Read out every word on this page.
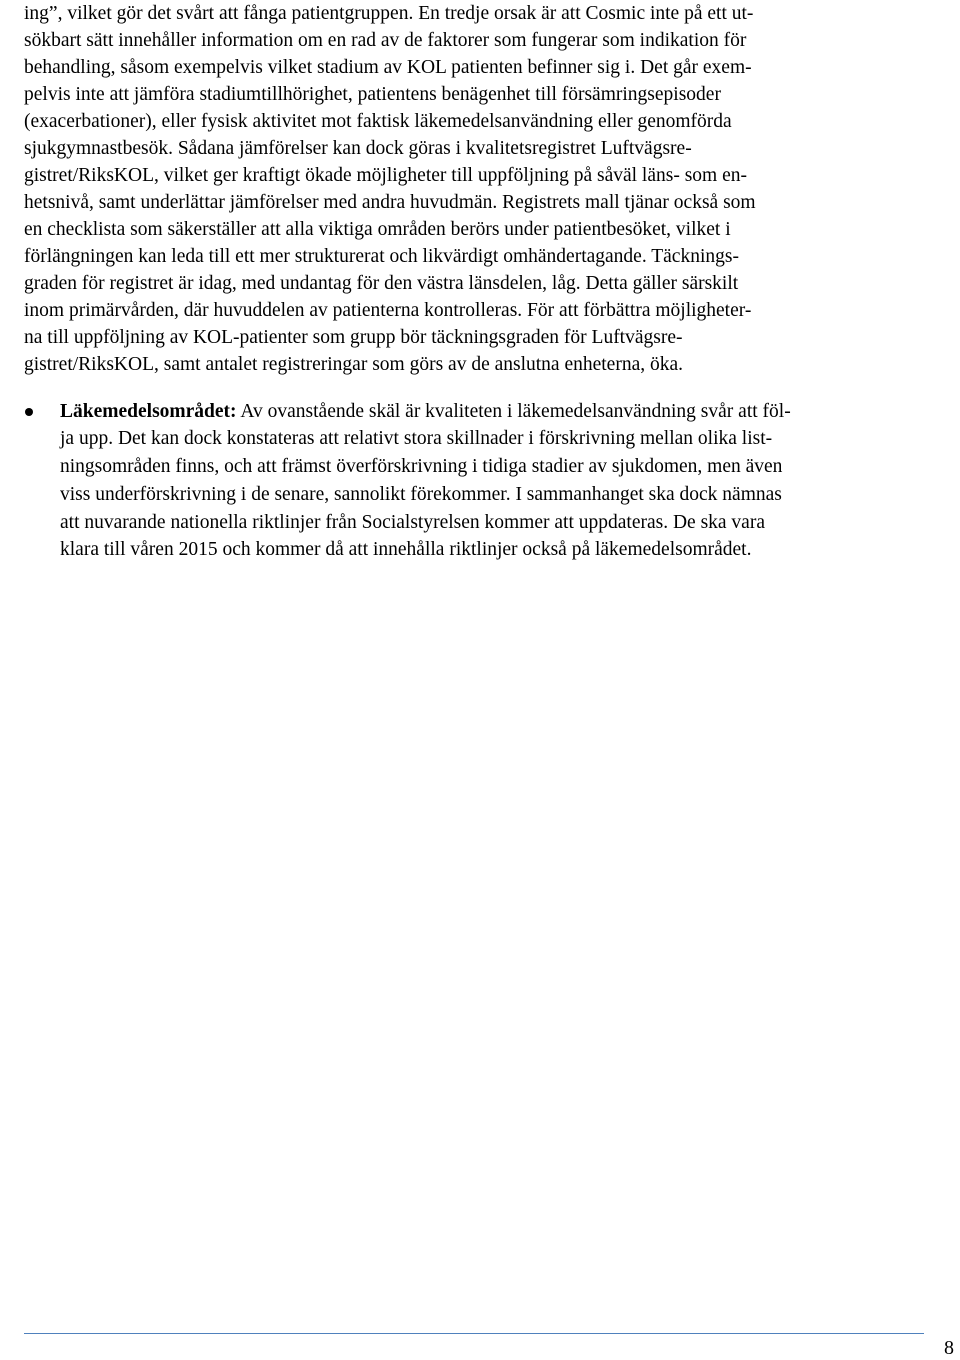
ing”, vilket gör det svårt att fånga patientgruppen. En tredje orsak är att Cosmic inte på ett ut-
sökbart sätt innehåller information om en rad av de faktorer som fungerar som indikation för
behandling, såsom exempelvis vilket stadium av KOL patienten befinner sig i. Det går exem-
pelvis inte att jämföra stadiumtillhörighet, patientens benägenhet till försämringsepisoder
(exacerbationer), eller fysisk aktivitet mot faktisk läkemedelsanvändning eller genomförda
sjukgymnastbesök. Sådana jämförelser kan dock göras i kvalitetsregistret Luftvägsre-
gistret/RiksKOL, vilket ger kraftigt ökade möjligheter till uppföljning på såväl läns- som en-
hetsnivå, samt underlättar jämförelser med andra huvudmän. Registrets mall tjänar också som
en checklista som säkerställer att alla viktiga områden berörs under patientbesöket, vilket i
förlängningen kan leda till ett mer strukturerat och likvärdigt omhändertagande. Täcknings-
graden för registret är idag, med undantag för den västra länsdelen, låg. Detta gäller särskilt
inom primärvården, där huvuddelen av patienterna kontrolleras. För att förbättra möjligheter-
na till uppföljning av KOL-patienter som grupp bör täckningsgraden för Luftvägsre-
gistret/RiksKOL, samt antalet registreringar som görs av de anslutna enheterna, öka.
Läkemedelsområdet: Av ovanstående skäl är kvaliteten i läkemedelsanvändning svår att föl-
ja upp. Det kan dock konstateras att relativt stora skillnader i förskrivning mellan olika list-
ningsområden finns, och att främst överförskrivning i tidiga stadier av sjukdomen, men även
viss underförskrivning i de senare, sannolikt förekommer. I sammanhanget ska dock nämnas
att nuvarande nationella riktlinjer från Socialstyrelsen kommer att uppdateras. De ska vara
klara till våren 2015 och kommer då att innehålla riktlinjer också på läkemedelsområdet.
8
